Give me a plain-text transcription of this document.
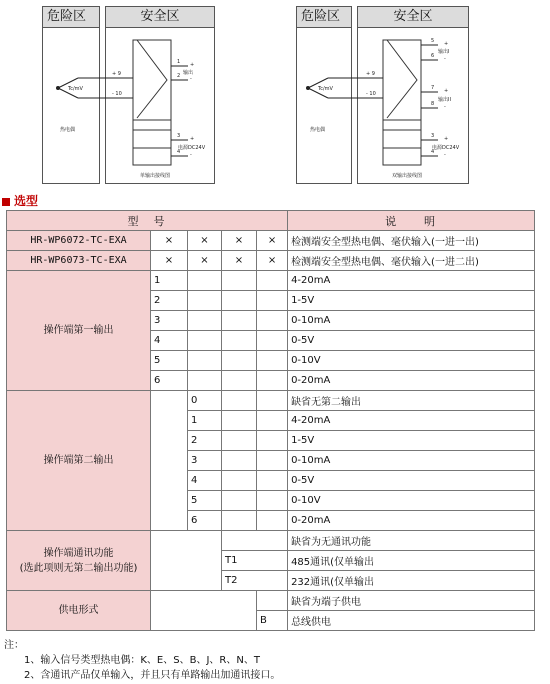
危险区	安全区
Tc/mV
+ 9
- 10
热电偶
1
2
+
-
输出
3
4
+
-
电源DC24V
单输出接线图
危险区	安全区
Tc/mV
+ 9
- 10
热电偶
5
6
+
-
输出I
7
8
+
-
输出II
3
4
+
-
电源DC24V
双输出接线图
选型
型　号					说　　明
HR-WP6072-TC-EXA	×	×	×	×	检测端安全型热电偶、毫伏输入(一进一出)
HR-WP6073-TC-EXA	×	×	×	×	检测端安全型热电偶、毫伏输入(一进二出)
操作端第一输出	1				4-20mA
	2				1-5V
	3				0-10mA
	4				0-5V
	5				0-10V
	6				0-20mA
操作端第二输出		0			缺省无第二输出
		1			4-20mA
		2			1-5V
		3			0-10mA
		4			0-5V
		5			0-10V
		6			0-20mA
操作端通讯功能
(选此项则无第二输出功能)					缺省为无通讯功能
			T1		485通讯(仅单输出
			T2		232通讯(仅单输出
供电形式					缺省为端子供电
				B	总线供电
注：
1、输入信号类型热电偶：K、E、S、B、J、R、N、T
2、含通讯产品仅单输入，并且只有单路输出加通讯接口。
